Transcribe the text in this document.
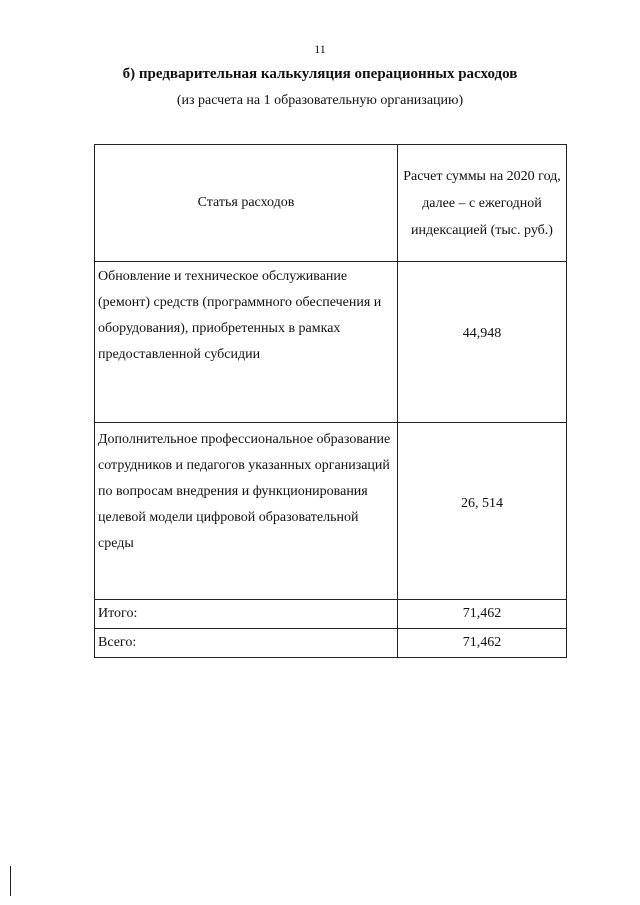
11
б) предварительная калькуляция операционных расходов
(из расчета на 1 образовательную организацию)
Статья расходов	Расчет суммы на 2020 год, далее – с ежегодной индексацией (тыс. руб.)
Обновление и техническое обслуживание (ремонт) средств (программного обеспечения и оборудования), приобретенных в рамках предоставленной субсидии	44,948
Дополнительное профессиональное образование сотрудников и педагогов указанных организаций по вопросам внедрения и функционирования целевой модели цифровой образовательной среды	26, 514
Итого:	71,462
Всего:	71,462
